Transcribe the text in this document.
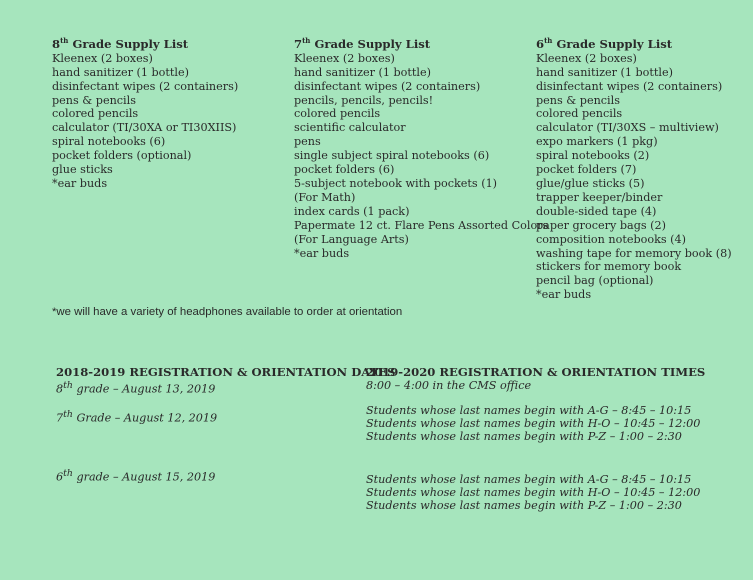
8th Grade Supply List
Kleenex (2 boxes)
hand sanitizer (1 bottle)
disinfectant wipes (2 containers)
pens & pencils
colored pencils
calculator (TI/30XA or TI30XIIS)
spiral notebooks (6)
pocket folders (optional)
glue sticks
*ear buds
7th Grade Supply List
Kleenex (2 boxes)
hand sanitizer (1 bottle)
disinfectant wipes (2 containers)
pencils, pencils, pencils!
colored pencils
scientific calculator
pens
single subject spiral notebooks (6)
pocket folders (6)
5-subject notebook with pockets (1)
(For Math)
index cards (1 pack)
Papermate 12 ct. Flare Pens Assorted Colors
(For Language Arts)
*ear buds
6th Grade Supply List
Kleenex (2 boxes)
hand sanitizer (1 bottle)
disinfectant wipes (2 containers)
pens & pencils
colored pencils
calculator (TI/30XS – multiview)
expo markers (1 pkg)
spiral notebooks (2)
pocket folders (7)
glue/glue sticks (5)
trapper keeper/binder
double-sided tape (4)
paper grocery bags (2)
composition notebooks (4)
washing tape for memory book (8)
stickers for memory book
pencil bag (optional)
*ear buds
*we will have a variety of headphones available to order at orientation
2018-2019 REGISTRATION & ORIENTATION DATES
8th grade – August 13, 2019
7th Grade – August 12, 2019
6th grade – August 15, 2019
2019-2020 REGISTRATION & ORIENTATION TIMES
8:00 – 4:00 in the CMS office
Students whose last names begin with A-G – 8:45 – 10:15
Students whose last names begin with H-O – 10:45 – 12:00
Students whose last names begin with P-Z – 1:00 – 2:30
Students whose last names begin with A-G – 8:45 – 10:15
Students whose last names begin with H-O – 10:45 – 12:00
Students whose last names begin with P-Z – 1:00 – 2:30
